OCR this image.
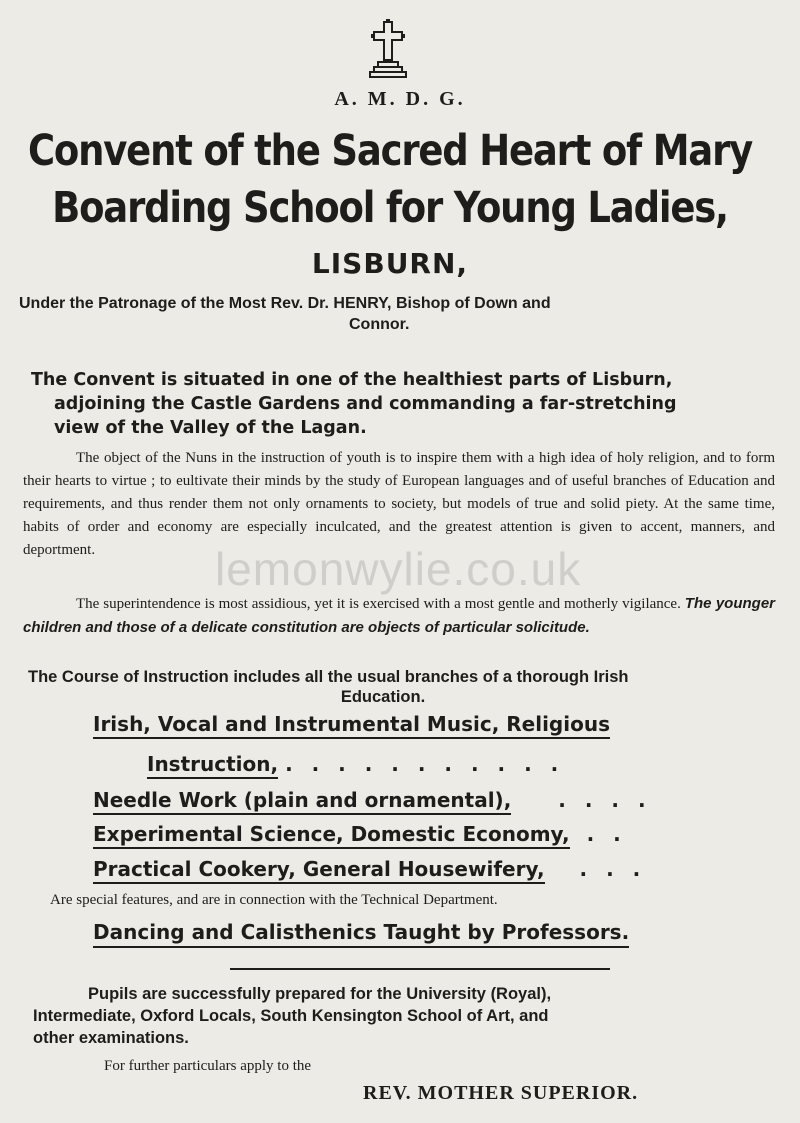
A. M. D. G.
Convent of the Sacred Heart of Mary
Boarding School for Young Ladies,
LISBURN,
Under the Patronage of the Most Rev. Dr. HENRY, Bishop of Down and
Connor.
The Convent is situated in one of the healthiest parts of Lisburn,
adjoining the Castle Gardens and commanding a far-stretching
view of the Valley of the Lagan.
The object of the Nuns in the instruction of youth is to inspire them with a high idea of holy religion, and to form their hearts to virtue ; to eultivate their minds by the study of European languages and of useful branches of Education and requirements, and thus render them not only ornaments to society, but models of true and solid piety. At the same time, habits of order and economy are especially inculcated, and the greatest attention is given to accent, manners, and deportment.
The superintendence is most assidious, yet it is exercised with a most gentle and motherly vigilance. The younger children and those of a delicate constitution are objects of particular solicitude.
The Course of Instruction includes all the usual branches of a thorough Irish
Education.
Irish, Vocal and Instrumental Music, Religious
Instruction, . . . . . . . . . . .
Needle Work (plain and ornamental), . . . .
Experimental Science, Domestic Economy, . .
Practical Cookery, General Housewifery, . . .
Are special features, and are in connection with the Technical Department.
Dancing and Calisthenics Taught by Professors.
Pupils are successfully prepared for the University (Royal),
Intermediate, Oxford Locals, South Kensington School of Art, and
other examinations.
For further particulars apply to the
REV. MOTHER SUPERIOR.
lemonwylie.co.uk
